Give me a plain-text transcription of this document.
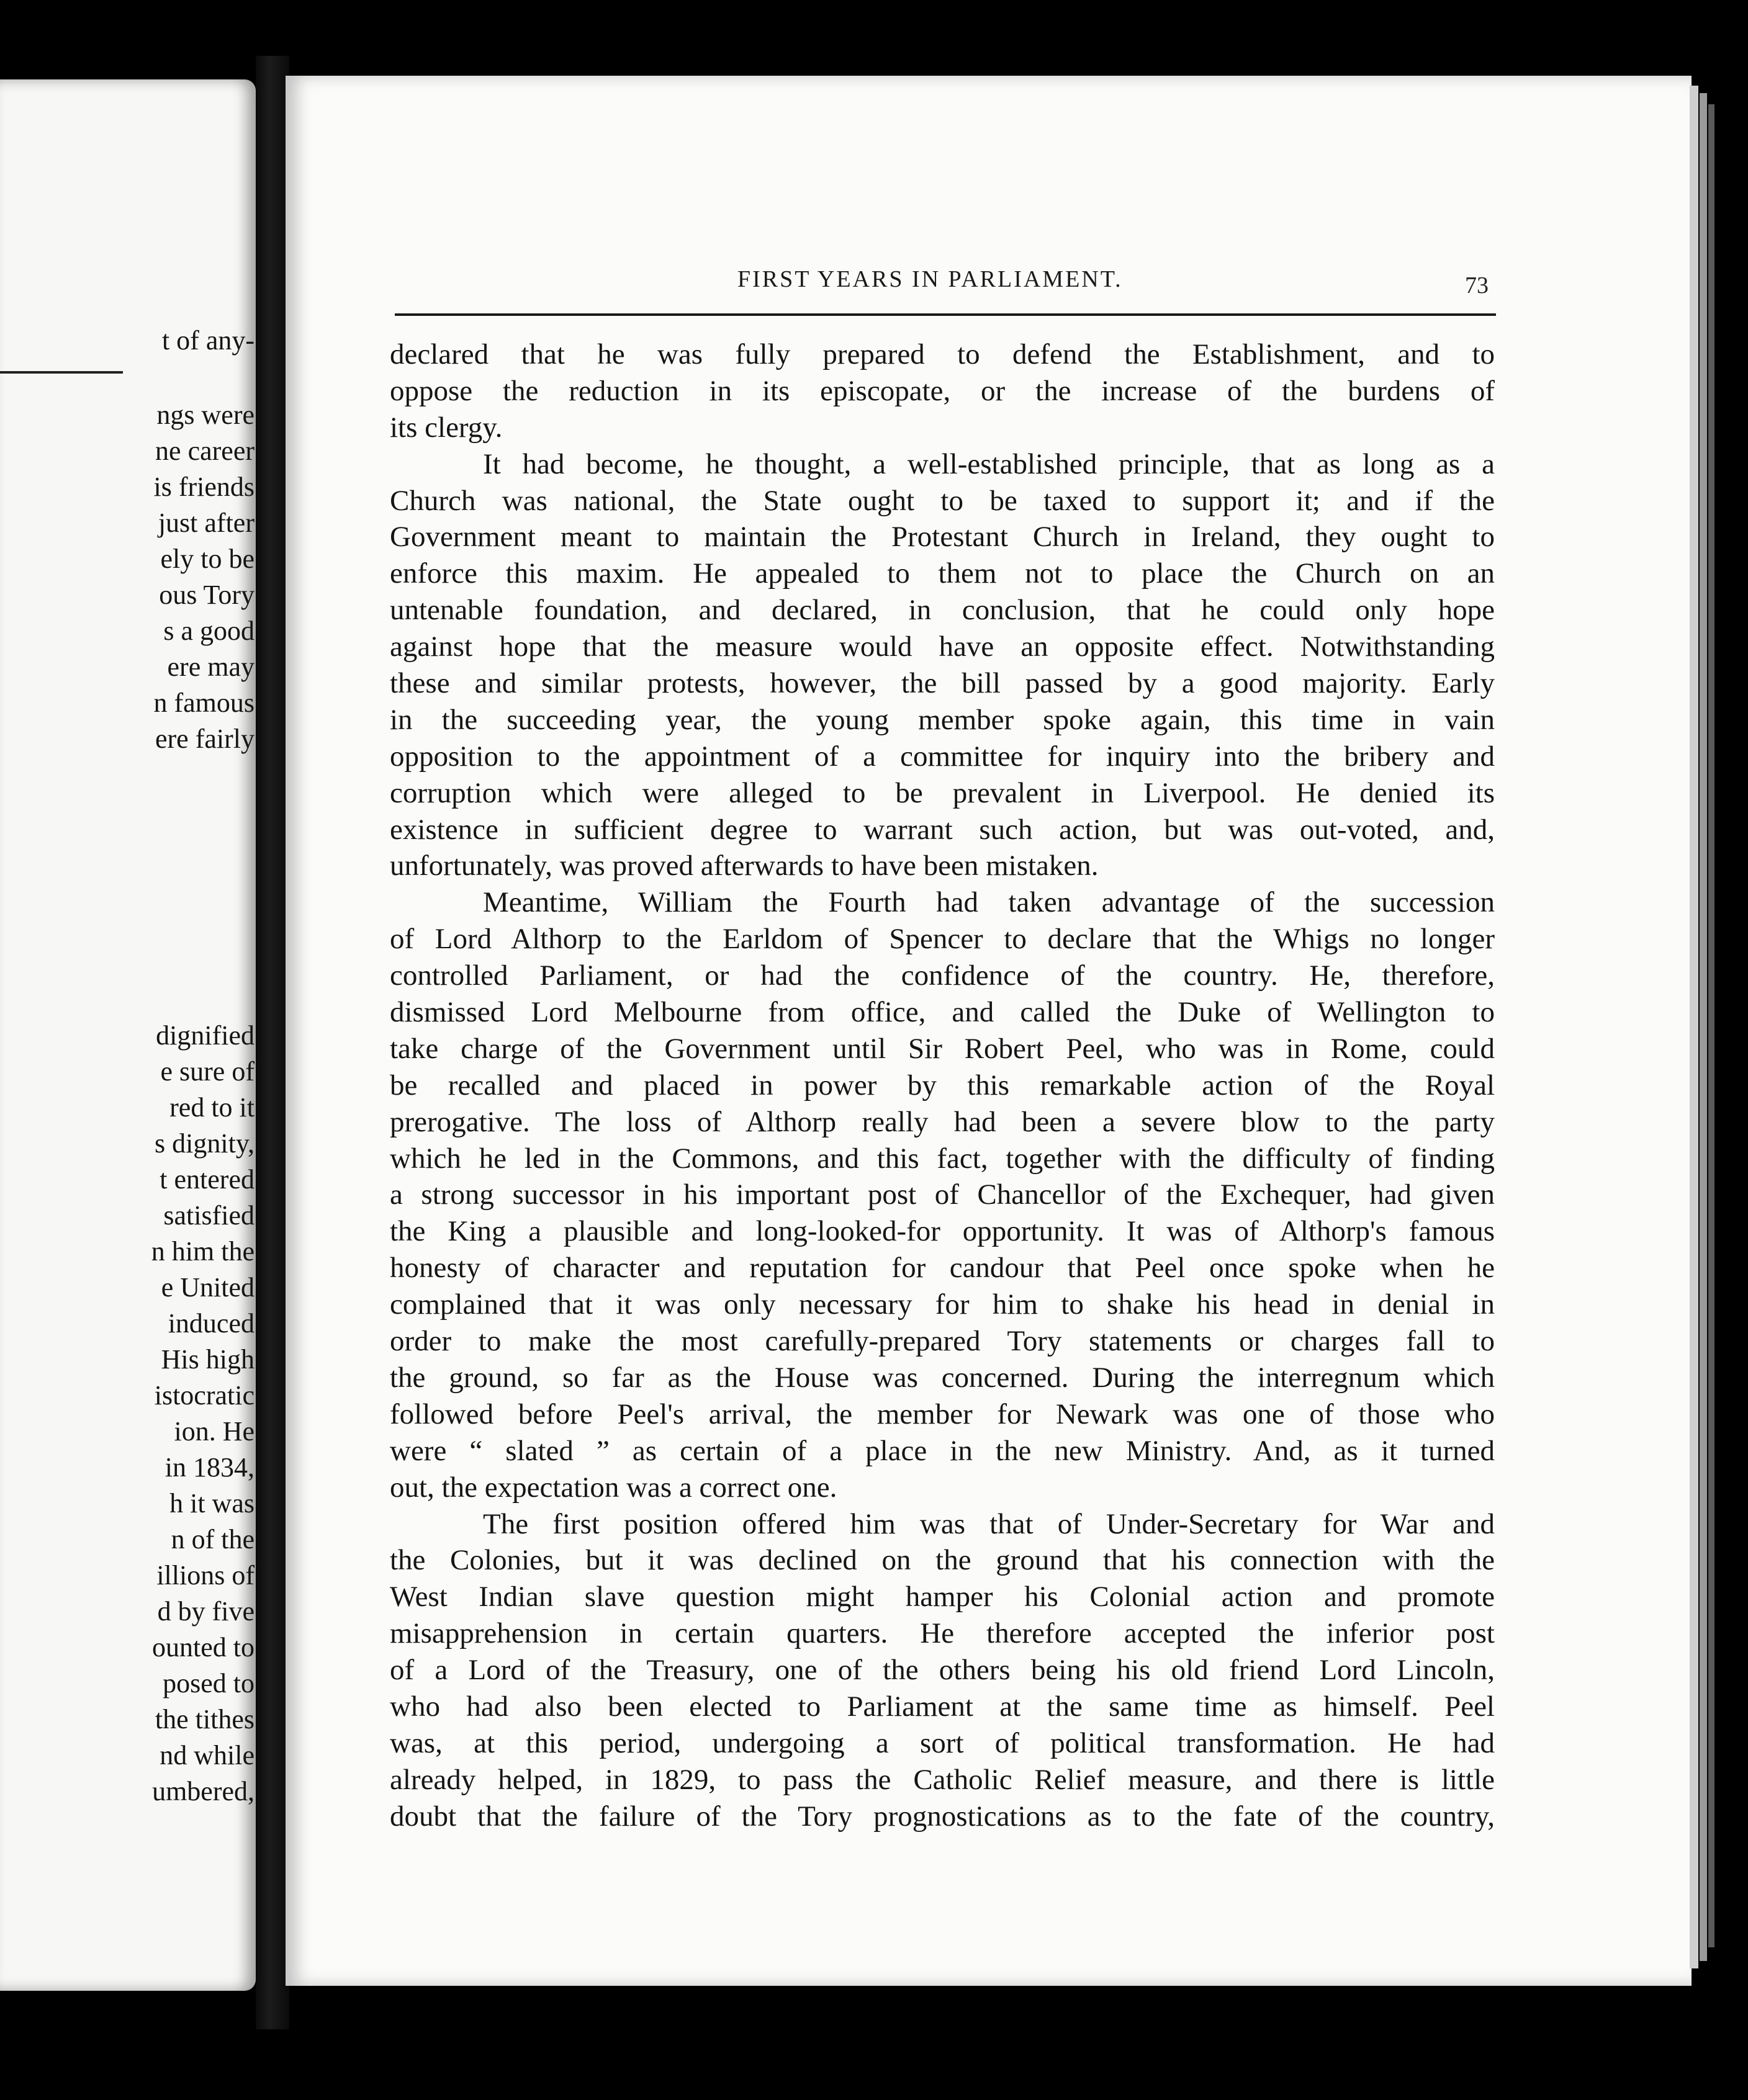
t of any-
ngs were
ne career
is friends
just after
ely to be
ous Tory
s a good
ere may
n famous
ere fairly
dignified
e sure of
red to it
s dignity,
t entered
satisfied
n him the
e United
induced
His high
istocratic
ion. He
in 1834,
h it was
n of the
illions of
d by five
ounted to
posed to
the tithes
nd while
umbered,
FIRST YEARS IN PARLIAMENT.	73
declared that he was fully prepared to defend the Establishment, and to
oppose the reduction in its episcopate, or the increase of the burdens of
its clergy.
It had become, he thought, a well-established principle, that as long as a
Church was national, the State ought to be taxed to support it; and if the
Government meant to maintain the Protestant Church in Ireland, they ought to
enforce this maxim. He appealed to them not to place the Church on an
untenable foundation, and declared, in conclusion, that he could only hope
against hope that the measure would have an opposite effect. Notwithstanding
these and similar protests, however, the bill passed by a good majority. Early
in the succeeding year, the young member spoke again, this time in vain
opposition to the appointment of a committee for inquiry into the bribery and
corruption which were alleged to be prevalent in Liverpool. He denied its
existence in sufficient degree to warrant such action, but was out-voted, and,
unfortunately, was proved afterwards to have been mistaken.
Meantime, William the Fourth had taken advantage of the succession
of Lord Althorp to the Earldom of Spencer to declare that the Whigs no longer
controlled Parliament, or had the confidence of the country. He, therefore,
dismissed Lord Melbourne from office, and called the Duke of Wellington to
take charge of the Government until Sir Robert Peel, who was in Rome, could
be recalled and placed in power by this remarkable action of the Royal
prerogative. The loss of Althorp really had been a severe blow to the party
which he led in the Commons, and this fact, together with the difficulty of finding
a strong successor in his important post of Chancellor of the Exchequer, had given
the King a plausible and long-looked-for opportunity. It was of Althorp's famous
honesty of character and reputation for candour that Peel once spoke when he
complained that it was only necessary for him to shake his head in denial in
order to make the most carefully-prepared Tory statements or charges fall to
the ground, so far as the House was concerned. During the interregnum which
followed before Peel's arrival, the member for Newark was one of those who
were “ slated ” as certain of a place in the new Ministry. And, as it turned
out, the expectation was a correct one.
The first position offered him was that of Under-Secretary for War and
the Colonies, but it was declined on the ground that his connection with the
West Indian slave question might hamper his Colonial action and promote
misapprehension in certain quarters. He therefore accepted the inferior post
of a Lord of the Treasury, one of the others being his old friend Lord Lincoln,
who had also been elected to Parliament at the same time as himself. Peel
was, at this period, undergoing a sort of political transformation. He had
already helped, in 1829, to pass the Catholic Relief measure, and there is little
doubt that the failure of the Tory prognostications as to the fate of the country,
